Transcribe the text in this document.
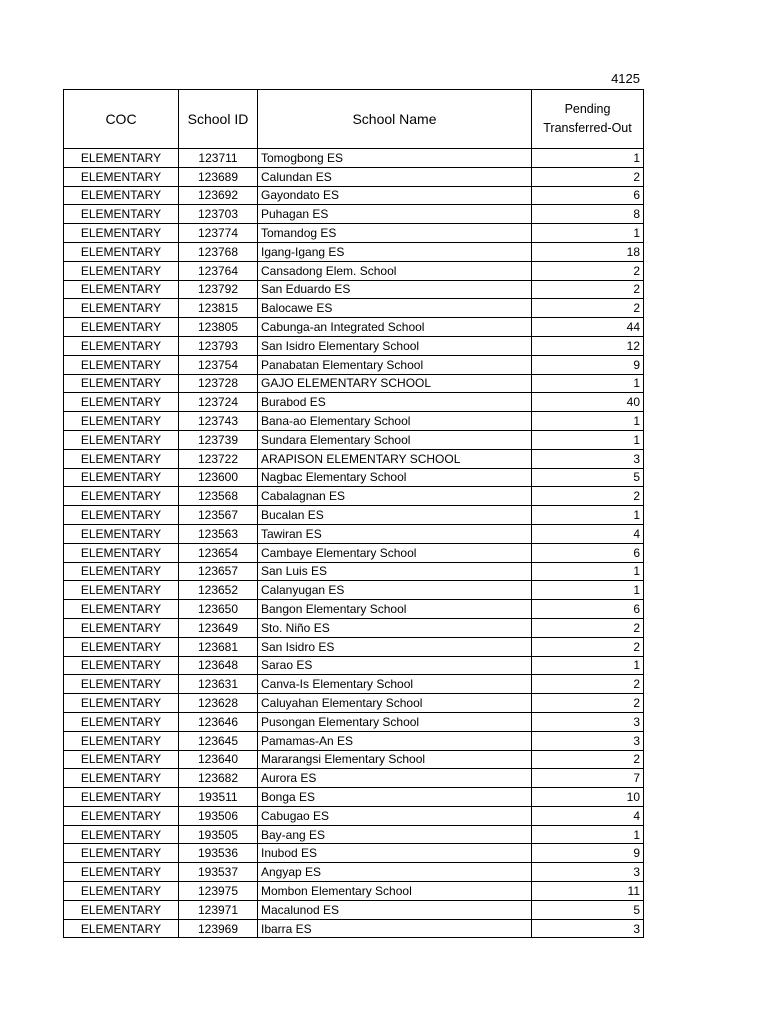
4125
COC	School ID	School Name	Pending
Transferred-Out
ELEMENTARY	123711	Tomogbong ES	1
ELEMENTARY	123689	Calundan ES	2
ELEMENTARY	123692	Gayondato ES	6
ELEMENTARY	123703	Puhagan ES	8
ELEMENTARY	123774	Tomandog ES	1
ELEMENTARY	123768	Igang-Igang ES	18
ELEMENTARY	123764	Cansadong Elem. School	2
ELEMENTARY	123792	San Eduardo ES	2
ELEMENTARY	123815	Balocawe ES	2
ELEMENTARY	123805	Cabunga-an Integrated School	44
ELEMENTARY	123793	San Isidro Elementary School	12
ELEMENTARY	123754	Panabatan Elementary School	9
ELEMENTARY	123728	GAJO ELEMENTARY SCHOOL	1
ELEMENTARY	123724	Burabod ES	40
ELEMENTARY	123743	Bana-ao Elementary School	1
ELEMENTARY	123739	Sundara Elementary School	1
ELEMENTARY	123722	ARAPISON ELEMENTARY SCHOOL	3
ELEMENTARY	123600	Nagbac Elementary School	5
ELEMENTARY	123568	Cabalagnan ES	2
ELEMENTARY	123567	Bucalan ES	1
ELEMENTARY	123563	Tawiran ES	4
ELEMENTARY	123654	Cambaye Elementary School	6
ELEMENTARY	123657	San Luis ES	1
ELEMENTARY	123652	Calanyugan ES	1
ELEMENTARY	123650	Bangon Elementary School	6
ELEMENTARY	123649	Sto. Niño ES	2
ELEMENTARY	123681	San Isidro ES	2
ELEMENTARY	123648	Sarao ES	1
ELEMENTARY	123631	Canva-Is Elementary School	2
ELEMENTARY	123628	Caluyahan Elementary School	2
ELEMENTARY	123646	Pusongan Elementary School	3
ELEMENTARY	123645	Pamamas-An ES	3
ELEMENTARY	123640	Mararangsi Elementary School	2
ELEMENTARY	123682	Aurora ES	7
ELEMENTARY	193511	Bonga ES	10
ELEMENTARY	193506	Cabugao ES	4
ELEMENTARY	193505	Bay-ang ES	1
ELEMENTARY	193536	Inubod ES	9
ELEMENTARY	193537	Angyap ES	3
ELEMENTARY	123975	Mombon Elementary School	11
ELEMENTARY	123971	Macalunod ES	5
ELEMENTARY	123969	Ibarra ES	3
